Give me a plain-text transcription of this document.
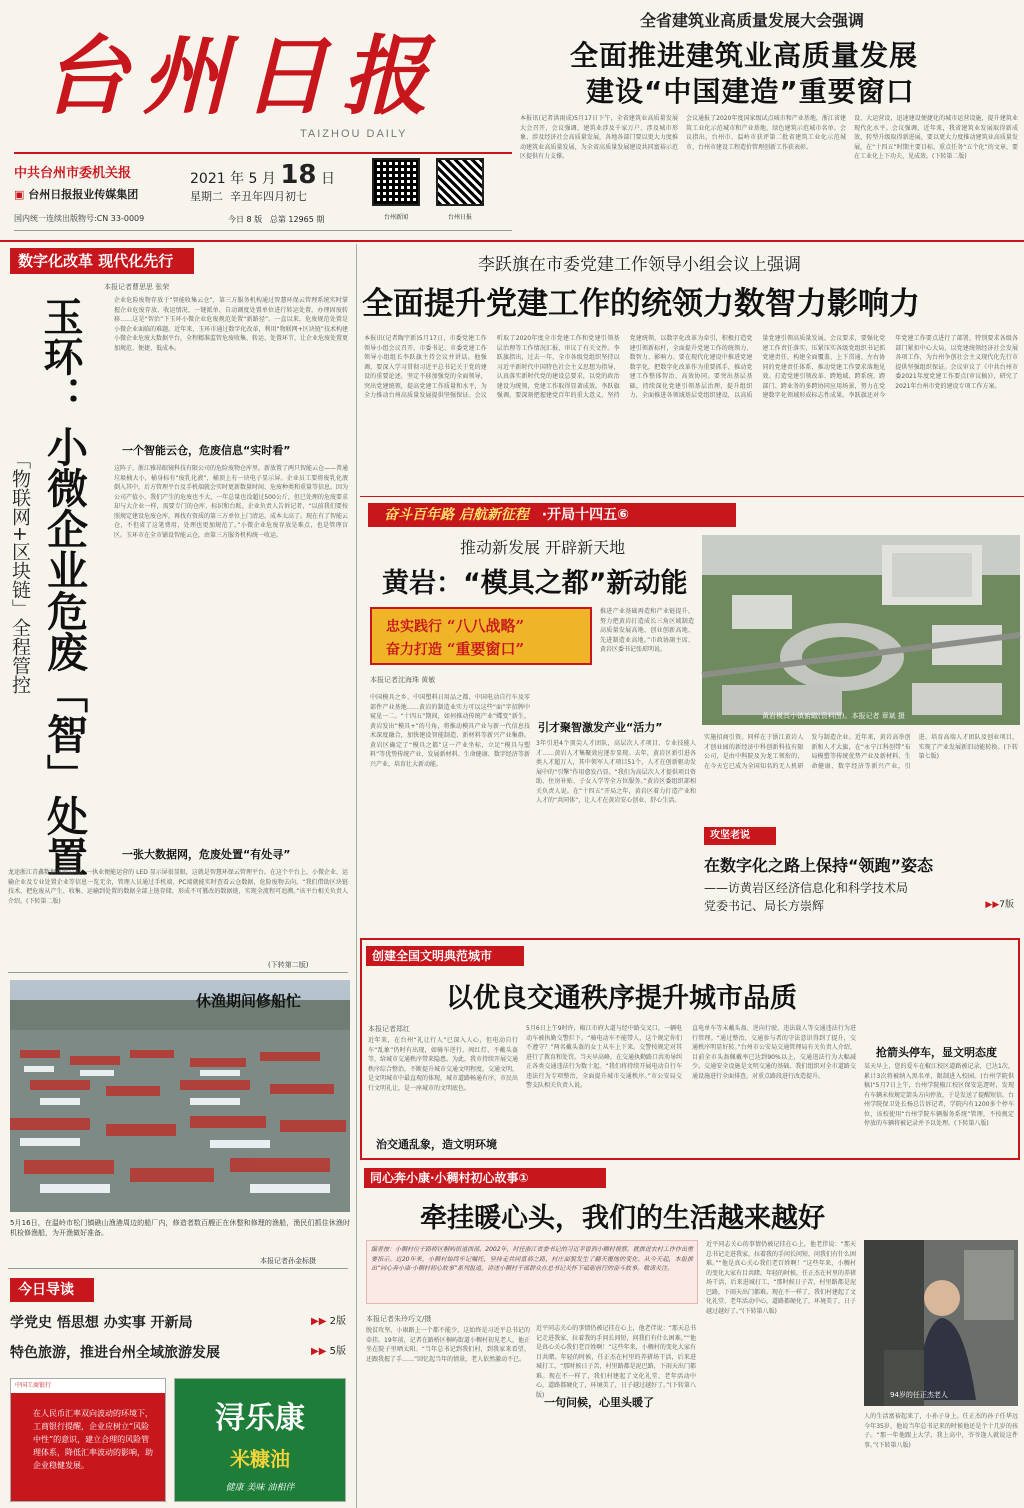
台州日报
TAIZHOU DAILY
中共台州市委机关报
▣ 台州日报报业传媒集团
国内统一连续出版物号:CN 33-0009
2021 年 5 月 18 日
星期二 辛丑年四月初七
今日 8 版 总第 12965 期	台州新闻	台州日报
全省建筑业高质量发展大会强调
全面推进建筑业高质量发展
建设“中国建造”重要窗口
本报讯(记者洪雨成)5月17日下午，全省建筑业高质量发展大会召开，会议强调，建筑业涉及千家万户、涉及城市形象、涉及经济社会高质量发展，各地各部门要以更大力度推动建筑业高质量发展，为全省高质量发展建设共同富裕示范区提供有力支撑。
会议通报了2020年度国家级试点城市和产业基地，浙江省建筑工业化示范城市和产业基地，绿色建筑示范城市名单。会议指出，台州市、温岭市获评第二批省建筑工业化示范城市，台州市建设工程造价管理创新工作获表彰。
设、大运营设，迅速建设便捷化的城市运营设施，提升建筑业现代化水平。会议强调，近年来，我省建筑业发展取得新成效，转型升级取得新进展，要以更大力度推动建筑业高质量发展，在“十四五”时期主要目标、重点任务“五个化”的文章，要在工业化上下功夫、见成效。(下转第二版)
数字化改革 现代化先行
本报记者曹思思 张荣
玉环：
小微企业危废「智」处置
「物联网+区块链」全程管控
企业危险废物存放于“智能收集云仓”，第三方服务机构通过智慧环保云管理系统实时掌握企业危废存放、收运情况，一键派单、自动调度处置单位进行转运处置，办理固废转移……这是“智治”下玉环小微企业危废规范处置“新路径”。一直以来，危废规范处置是小微企业面临的难题。近年来，玉环市通过数字化改革，利用“物联网+区块链”技术构建小微企业危废大数据平台，全程精准监管危废收集、转运、处置环节，让企业危废处置更加规范、便捷、低成本。
一个智能云仓，危废信息“实时看”
这阵子，浙江雅昂眼镜科技有限公司的危险废物仓库里，新放置了两只智能云仓——普通垃圾桶大小，桶身标有“废乳化液”，桶顶上有一块电子显示屏。企业员工要将废乳化液倒入其中，后方管理平台及手机端就会实时更新数量时间、危废种类和重量等信息。因为公司产值小，我们产生的危废也不大，一年总量也没超过500公斤，但已处理的危废要求却与大企业一样，需要专门的仓库、标识和台账。企业负责人告诉记者，“以前我们要按照规定建设危废仓库，再找有资质的第三方单位上门清运，成本太高了。现在有了智能云仓，不但省了这笔费用，处理也更加规范了。”小微企业危废存放是难点，也是管理盲区。玉环市在全市铺设智能云仓，由第三方服务机构统一收运。
一张大数据网，危废处置“有处寻”
龙途浙江青鑫数据有限公司，一执业便能运营的 LED 显示屏很显眼，这就是智慧环保云管理平台。在这个平台上，小微企业、运输企业及专业处置企业等信息一览无余，管理人员通过手机端、PC端就能实时查看云仓数据，危险废物去向。“我们借助区块链技术，把危废从产生、收集、运输到处置的数据全部上链存储，形成不可篡改的数据链，实现全流程可追溯。”该平台相关负责人介绍。(下转第二版)
(下转第二版)
休渔期间修船忙
5月16日，在温岭市松门镇礁山渔港周边的船厂内，修造者数百艘正在休整和修理的渔船，渔民们抓住休渔时机检修渔船，为开渔做好准备。
本报记者孙金标摄
今日导读
学党史 悟思想 办实事 开新局	▶▶ 2版
特色旅游，推进台州全域旅游发展	▶▶ 5版
中国工商银行
在人民币汇率双向波动的环境下，工商银行提醒，企业应树立“风险中性”的意识，建立合理的风险管理体系，降低汇率波动的影响，助企业稳健发展。
浔乐康
米糠油
健康 美味 油相伴
李跃旗在市委党建工作领导小组会议上强调
全面提升党建工作的统领力数智力影响力
本报讯(记者陶宇新)5月17日，市委党建工作领导小组会议召开。市委书记、市委党建工作领导小组组长李跃旗主持会议并讲话。他强调，要深入学习贯彻习近平总书记关于党的建设的重要论述，坚定不移加强党的全面领导，突出党建统领，提高党建工作质量和水平，为全力推动台州高质量发展提供坚强保证。会议听取了2020年度全市党建工作和党建引领基层治理等工作情况汇报，审议了有关文件。李跃旗指出，过去一年，全市各级党组织坚持以习近平新时代中国特色社会主义思想为指导，认真落实新时代党的建设总要求，以党的政治建设为统领，党建工作取得显著成效。李跃旗强调，要深刻把握建党百年的重大意义，坚持党建统领，以数字化改革为牵引，积极打造党建引领新标杆，全面提升党建工作的统领力、数智力、影响力。要在现代化建设中推进党建数字化，把数字化改革作为重要抓手，推动党建工作整体智治、高效协同。要突出基层基础，持续深化党建引领基层治理，提升组织力，全面推进各领域基层党组织建设，以高质量党建引领高质量发展。会议要求，要强化党建工作责任落实，压紧压实各级党组织书记抓党建责任，构建全面覆盖、上下贯通、左右协同的党建责任体系，推动党建工作要求落地见效。打造党建引领改革、跨地域、跨系统、跨部门、跨业务的多跨协同应用场景，努力在党建数字化领域形成标志性成果。李跃旗还对今年党建工作要点进行了部署，特别要求各级各部门紧扣中心大局，以党建统领经济社会发展各项工作，为台州争创社会主义现代化先行市提供坚强组织保证。会议审议了《中共台州市委2021年度党建工作要点(审议稿)》，研究了2021年台州市党的建设专项工作方案。
奋斗百年路 启航新征程 ·开局十四五⑥
推动新发展 开辟新天地
黄岩：“模具之都”新动能
忠实践行 “八八战略”
奋力打造 “重要窗口”
本报记者沈海珠 黄敏
推进产业基础再造和产业链提升，努力把黄岩打造成长三角区域制造高质量发展高地、创业创新高地、先进制造业高地。”市政协副主席、黄岩区委书记张琼明说。
黄岩模具小镇俯瞰(资料图)。本报记者 章斌 摄
中国模具之乡、中国塑料日用品之都、中国电动自行车及零部件产业基地……黄岩的制造业实力可以这些“面”字招牌中窥见一二。“十四五”期间，如何推动传统产业“蝶变”新生，黄岩发出“模具+”的号角，将推动模具产业与新一代信息技术深度融合，加快建设智能制造、新材料等新兴产业集群。黄岩区确定了“模具之都”这一产业坐标，立足“模具与塑料”等优势传统产业，发展新材料、生命健康、数字经济等新兴产业，培育壮大新动能。
引才聚智激发产业“活力”
3年引进4个顶尖人才团队，高层次人才项目、专业技能人才……黄岩人才集聚效应逐步显现。去年，黄岩区新引进各类人才超万人，其中领军人才项目51个，人才在创新驱动发展中的“引擎”作用愈发凸显。“我们为高层次人才提供项目资助、住房补贴、子女入学等全方位服务。”黄岩区委组织部相关负责人说。在“十四五”开局之年，黄岩区着力打造产业和人才的“共同体”，让人才在黄岩安心创业、舒心生活。
实施招商引资。同样在于浙江黄岩人才创业园的新经济中科创新科技有限公司，是由中科院及为龙工领衔的，在今天它已成为全国知名的无人机研发与制造企业。近年来，黄岩高举创新和人才大旗，在“永宁江科创带”布局模塑等传统优势产业及新材料、生命健康、数字经济等新兴产业，引进、培育高端人才团队及创业项目，实现了产业发展新旧动能转换。(下转第七版)
攻坚老说
在数字化之路上保持“领跑”姿态
——访黄岩区经济信息化和科学技术局
党委书记、局长方崇辉	▶▶7版
创建全国文明典范城市
以优良交通秩序提升城市品质
本报记者郑红
近年来，在台州“礼让行人”已深入人心，但电动自行车“乱象”仍时有出现，如骑车逆行、闯红灯、不戴头盔等，给城市交通秩序带来隐患。为此，我市持续开展交通秩序综合整治，不断提升城市交通文明程度。交通文明，是文明城市中最直观的体现。城市道路畅通有序，市民出行文明礼让，是一座城市的文明底色。
治交通乱象，造文明环境
5月6日上午9时许，椒江市府大道与经中路交叉口，一辆电动车被执勤交警拦下。“骑电动车不能带人，这个规定你们不遵守？”两名戴头盔的女士从车上下来。交警按规定对其进行了教育和处罚。当天早高峰，在交通执勤路口共劝导纠正各类交通违法行为数十起。“我们将持续开展电动自行车违法行为专项整治，全面提升城市交通秩序。”市公安局交警支队相关负责人说。
直电单车等未戴头盔、逆向行驶、违法载人等交通违法行为进行管理。“通过整治，交通参与者的守法意识得到了提升，交通秩序明显好转。”台州市公安局交通管理局有关负责人介绍，目前全市头盔佩戴率已达到90%以上，交通违法行为大幅减少。交通安全设施是文明交通的基础。我们组织对全市道路交通设施进行全面排查，对重点路段进行改造提升。
抢箭头停车，显文明态度
某天早上，您的爱车在椒江校区道路被记录，已达1次，累计3次将被纳入黑名单，限制进入校园。(台州学院供稿)“5月7日上午，台州学院椒江校区保安巡逻时，发现有车辆未按规定箭头方向停放，于是发送了提醒短信。台州学院保卫处长杨总告诉记者，学院内有1200多个停车位，该校使用“台州学院车辆服务系统”管理，不按规定停放的车辆将被记录并予以处理。(下转第八版)
同心奔小康·小稠村初心故事①
牵挂暖心头，我们的生活越来越好
编者按：小稠村位于路桥区桐屿街道西部，2002年，时任浙江省委书记的习近平曾到小稠村视察，就推进农村工作作出重要指示。近20年来，小稠村始终牢记嘱托，坚持走共同富裕之路，村庄面貌发生了翻天覆地的变化。从今天起，本报推出“同心奔小康·小稠村初心故事”系列报道，讲述小稠村干部群众在总书记关怀下砥砺前行的奋斗故事。敬请关注。
本报记者朱玲巧文/摄
脱贫攻坚、小康路上一个都不能少，这始终是习近平总书记的牵挂。19年前，记者在路桥区桐屿街道小稠村初见老人，他正坐在院子里晒太阳。“当年总书记到我们村，到我家来看望，还跟我握了手……”回忆起当年的情景，老人依然激动不已。
一句问候，心里头暖了
近平同志关心的事情仍被记挂在心上，他老伴说：“那天总书记走进我家，拉着我的手问长问短，问我们有什么困难。”“他是真心关心我们老百姓啊！”这些年来，小稠村的变化大家有目共睹。年轻的时候，任正杰在村里的养猪场干活，后来进城打工，“那时候日子苦，村里路都是泥巴路，下雨天出门都难。现在不一样了，我们村建起了文化礼堂、老年活动中心，道路都硬化了，环境美了，日子越过越好了。”(下转第八版)
近平同志关心的事情仍被记挂在心上，他老伴说：“那天总书记走进我家，拉着我的手问长问短，问我们有什么困难。”“他是真心关心我们老百姓啊！”这些年来，小稠村的变化大家有目共睹。年轻的时候，任正杰在村里的养猪场干活，后来进城打工，“那时候日子苦，村里路都是泥巴路，下雨天出门都难。现在不一样了，我们村建起了文化礼堂、老年活动中心，道路都硬化了，环境美了，日子越过越好了。”(下转第八版)
94岁的任正杰老人
人的生活富裕起来了，小孙子身上。任正杰的孙子任华远今年35岁，他说当年总书记来的时候他还是个十几岁的孩子。“那一年他跟上大学，我上高中，爷爷逢人就说这件事。”(下转第八版)
